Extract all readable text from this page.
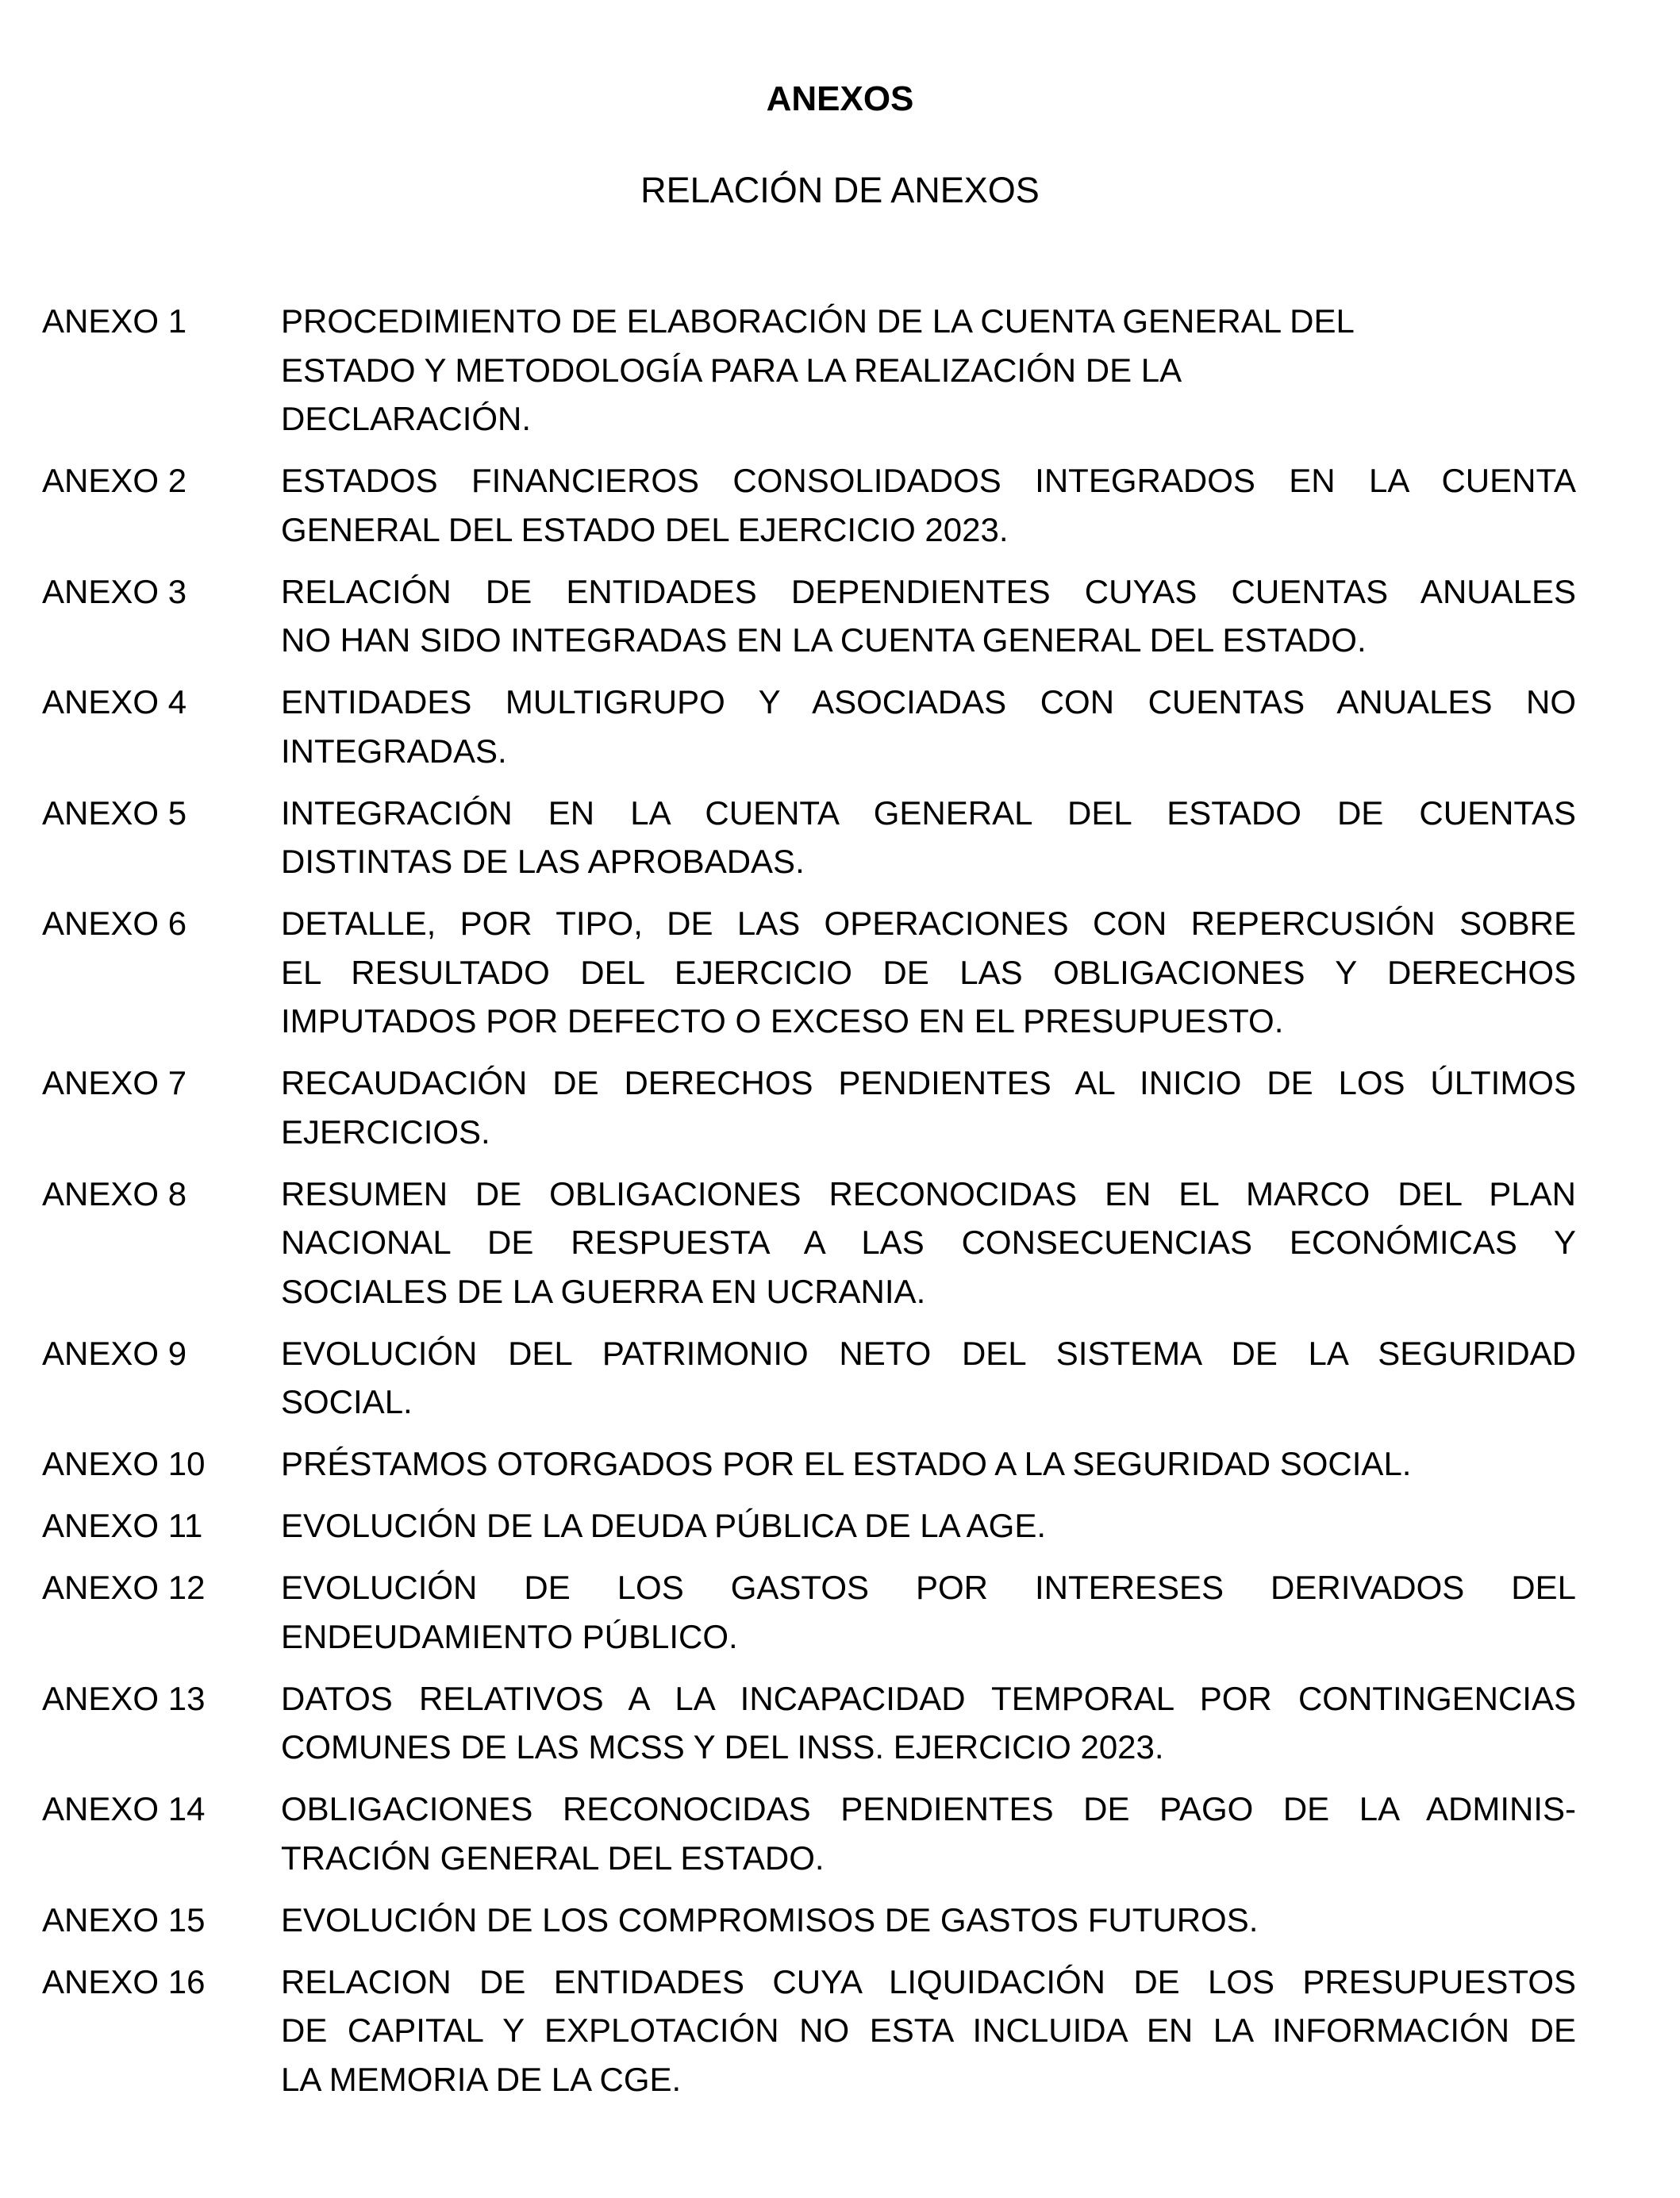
ANEXOS
RELACIÓN DE ANEXOS
ANEXO 1	PROCEDIMIENTO DE ELABORACIÓN DE LA CUENTA GENERAL DEL
ESTADO Y METODOLOGÍA PARA LA REALIZACIÓN DE LA
DECLARACIÓN.
ANEXO 2	ESTADOS FINANCIEROS CONSOLIDADOS INTEGRADOS EN LA CUENTA
GENERAL DEL ESTADO DEL EJERCICIO 2023.
ANEXO 3	RELACIÓN DE ENTIDADES DEPENDIENTES CUYAS CUENTAS ANUALES
NO HAN SIDO INTEGRADAS EN LA CUENTA GENERAL DEL ESTADO.
ANEXO 4	ENTIDADES MULTIGRUPO Y ASOCIADAS CON CUENTAS ANUALES NO
INTEGRADAS.
ANEXO 5	INTEGRACIÓN EN LA CUENTA GENERAL DEL ESTADO DE CUENTAS
DISTINTAS DE LAS APROBADAS.
ANEXO 6	DETALLE, POR TIPO, DE LAS OPERACIONES CON REPERCUSIÓN SOBRE
EL RESULTADO DEL EJERCICIO DE LAS OBLIGACIONES Y DERECHOS
IMPUTADOS POR DEFECTO O EXCESO EN EL PRESUPUESTO.
ANEXO 7	RECAUDACIÓN DE DERECHOS PENDIENTES AL INICIO DE LOS ÚLTIMOS
EJERCICIOS.
ANEXO 8	RESUMEN DE OBLIGACIONES RECONOCIDAS EN EL MARCO DEL PLAN
NACIONAL DE RESPUESTA A LAS CONSECUENCIAS ECONÓMICAS Y
SOCIALES DE LA GUERRA EN UCRANIA.
ANEXO 9	EVOLUCIÓN DEL PATRIMONIO NETO DEL SISTEMA DE LA SEGURIDAD
SOCIAL.
ANEXO 10	PRÉSTAMOS OTORGADOS POR EL ESTADO A LA SEGURIDAD SOCIAL.
ANEXO 11	EVOLUCIÓN DE LA DEUDA PÚBLICA DE LA AGE.
ANEXO 12	EVOLUCIÓN DE LOS GASTOS POR INTERESES DERIVADOS DEL
ENDEUDAMIENTO PÚBLICO.
ANEXO 13	DATOS RELATIVOS A LA INCAPACIDAD TEMPORAL POR CONTINGENCIAS
COMUNES DE LAS MCSS Y DEL INSS. EJERCICIO 2023.
ANEXO 14	OBLIGACIONES RECONOCIDAS PENDIENTES DE PAGO DE LA ADMINIS-
TRACIÓN GENERAL DEL ESTADO.
ANEXO 15	EVOLUCIÓN DE LOS COMPROMISOS DE GASTOS FUTUROS.
ANEXO 16	RELACION DE ENTIDADES CUYA LIQUIDACIÓN DE LOS PRESUPUESTOS
DE CAPITAL Y EXPLOTACIÓN NO ESTA INCLUIDA EN LA INFORMACIÓN DE
LA MEMORIA DE LA CGE.
